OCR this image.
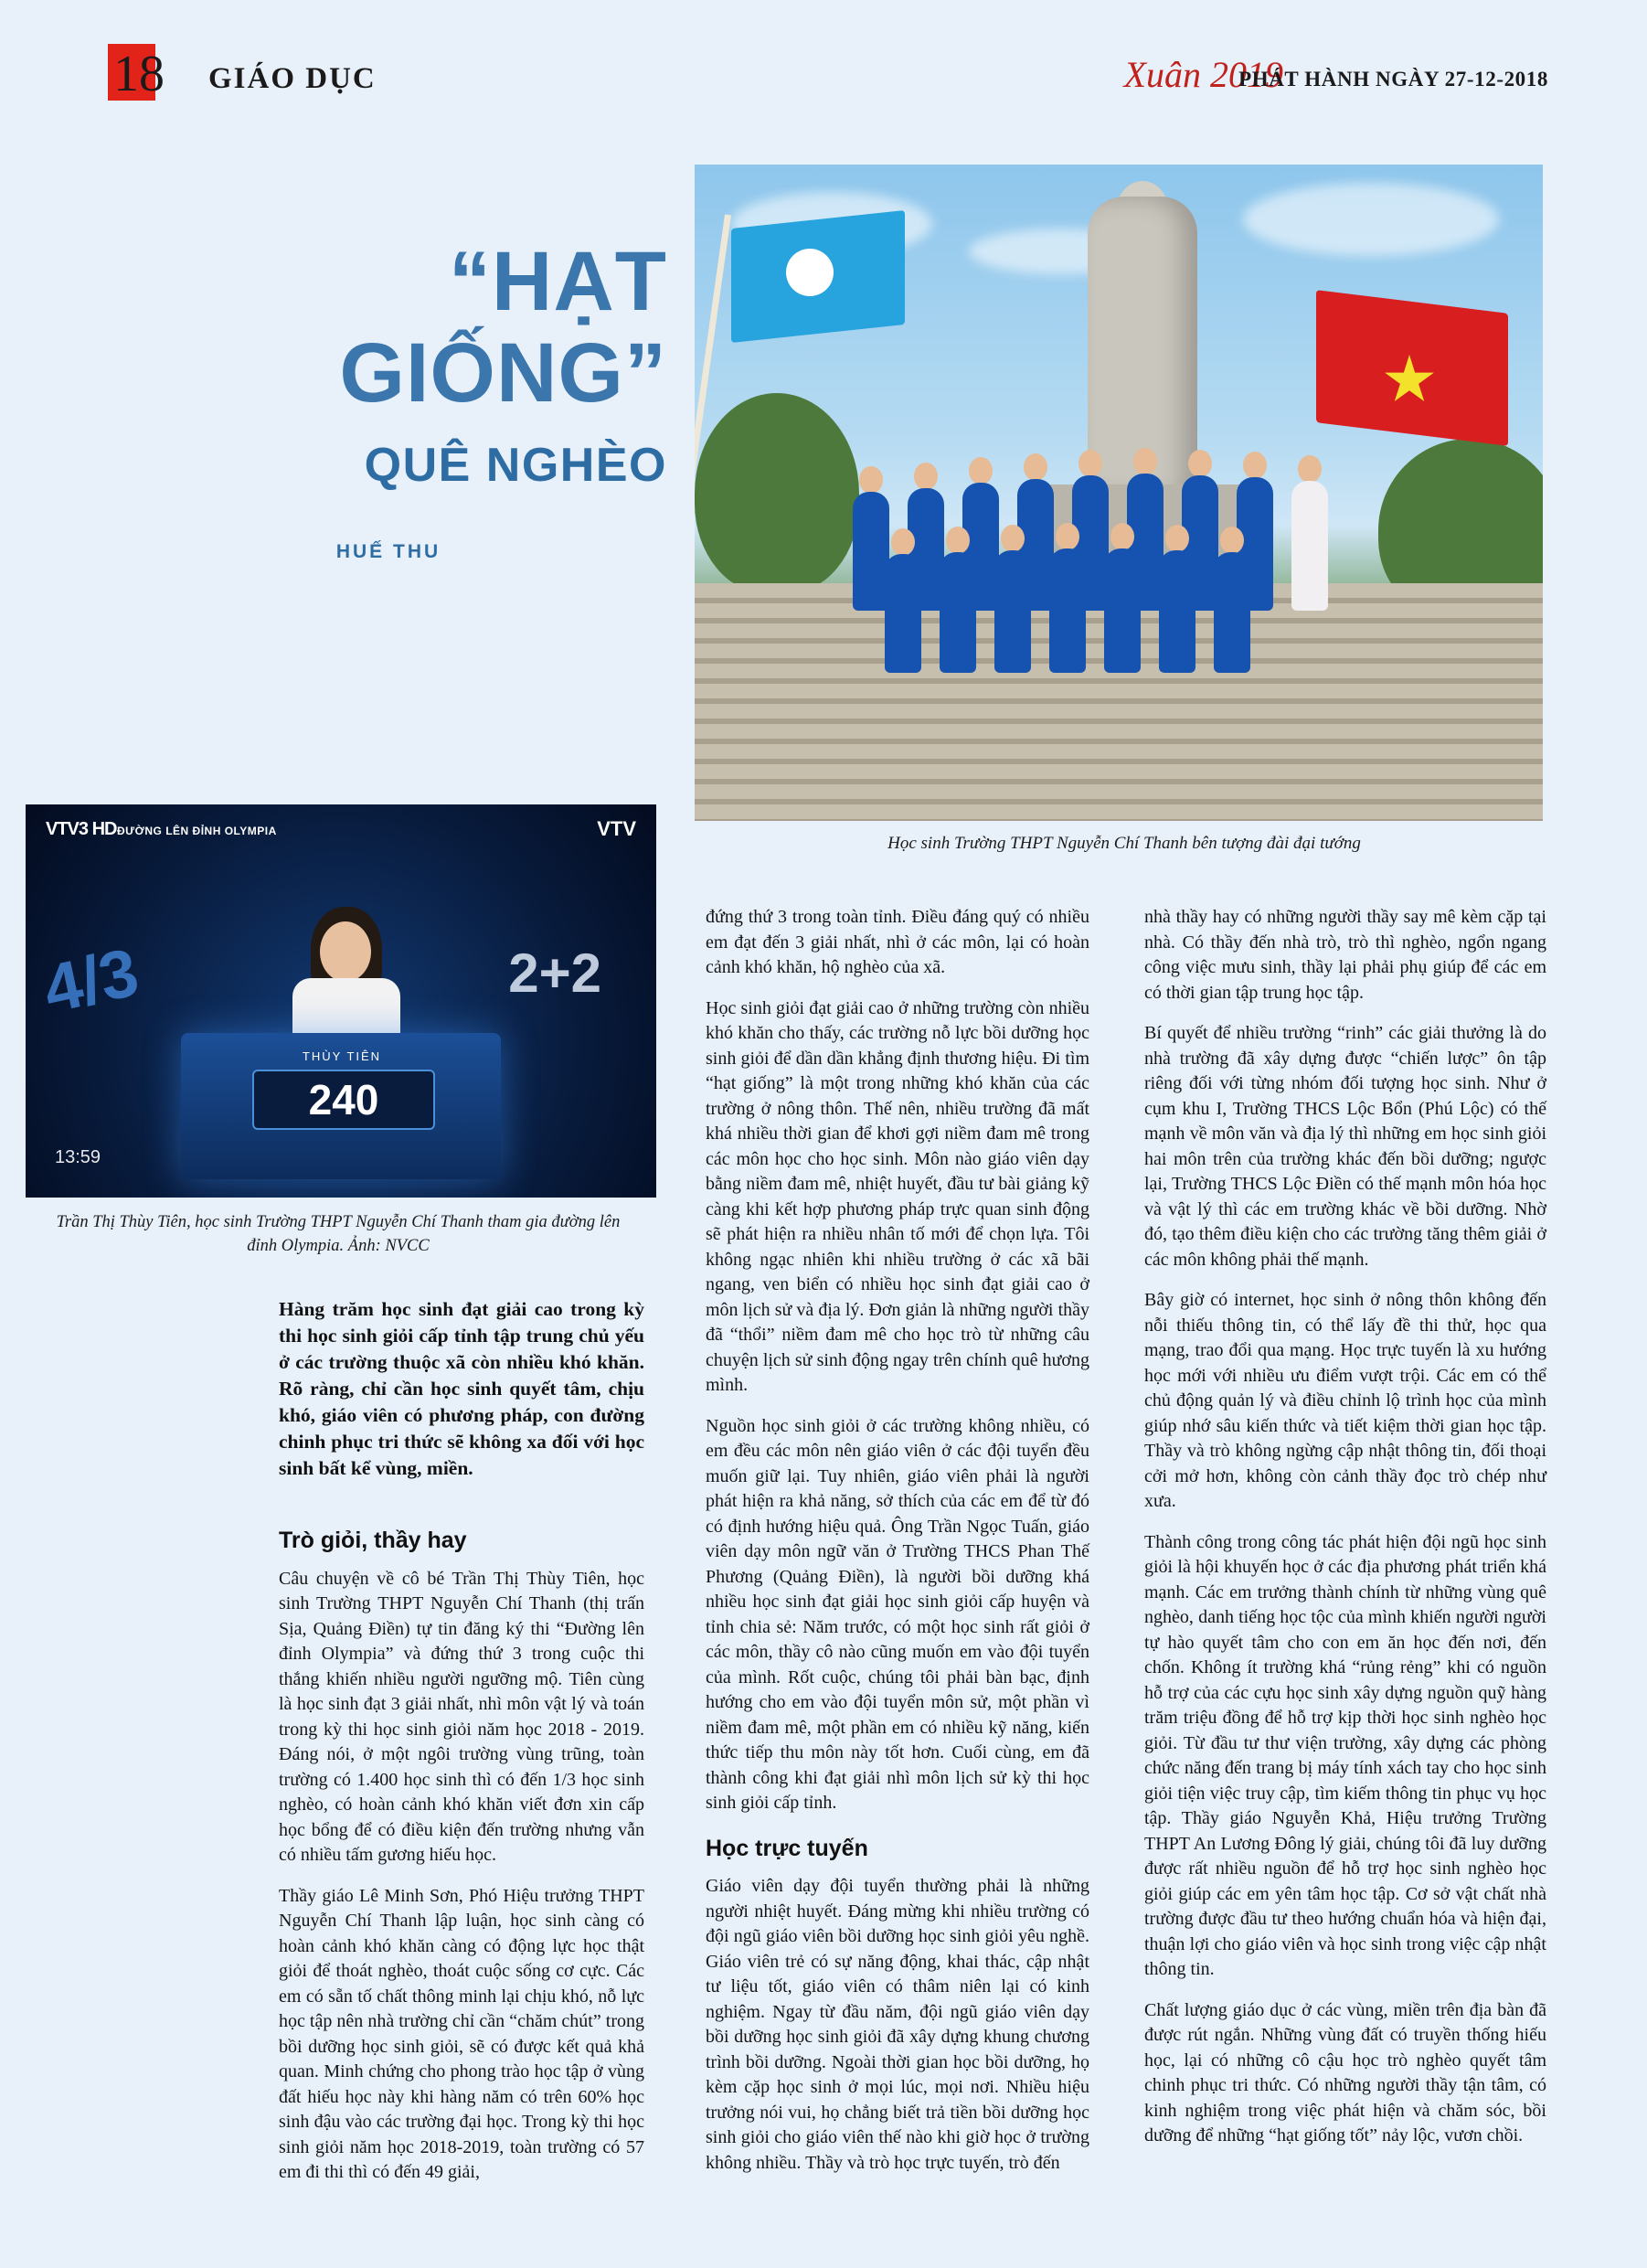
18	GIÁO DỤC	Xuân 2019
PHÁT HÀNH NGÀY 27-12-2018
“HẠT
GIỐNG”
QUÊ NGHÈO
HUẾ THU
Học sinh Trường THPT Nguyễn Chí Thanh bên tượng đài đại tướng
VTV3 HD ĐƯỜNG LÊN ĐỈNH OLYMPIA	VTV
4/3	2+2
THÙY TIÊN
240
13:59
Trần Thị Thùy Tiên, học sinh Trường THPT Nguyễn Chí Thanh tham gia đường lên đỉnh Olympia. Ảnh: NVCC
Hàng trăm học sinh đạt giải cao trong kỳ thi học sinh giỏi cấp tỉnh tập trung chủ yếu ở các trường thuộc xã còn nhiều khó khăn. Rõ ràng, chỉ cần học sinh quyết tâm, chịu khó, giáo viên có phương pháp, con đường chinh phục tri thức sẽ không xa đối với học sinh bất kể vùng, miền.
Trò giỏi, thầy hay

Câu chuyện về cô bé Trần Thị Thùy Tiên, học sinh Trường THPT Nguyễn Chí Thanh (thị trấn Sịa, Quảng Điền) tự tin đăng ký thi “Đường lên đỉnh Olympia” và đứng thứ 3 trong cuộc thi thắng khiến nhiều người ngưỡng mộ. Tiên cùng là học sinh đạt 3 giải nhất, nhì môn vật lý và toán trong kỳ thi học sinh giỏi năm học 2018 - 2019. Đáng nói, ở một ngôi trường vùng trũng, toàn trường có 1.400 học sinh thì có đến 1/3 học sinh nghèo, có hoàn cảnh khó khăn viết đơn xin cấp học bổng để có điều kiện đến trường nhưng vẫn có nhiều tấm gương hiếu học.

Thầy giáo Lê Minh Sơn, Phó Hiệu trưởng THPT Nguyễn Chí Thanh lập luận, học sinh càng có hoàn cảnh khó khăn càng có động lực học thật giỏi để thoát nghèo, thoát cuộc sống cơ cực. Các em có sẵn tố chất thông minh lại chịu khó, nỗ lực học tập nên nhà trường chỉ cần “chăm chút” trong bồi dưỡng học sinh giỏi, sẽ có được kết quả khả quan. Minh chứng cho phong trào học tập ở vùng đất hiếu học này khi hàng năm có trên 60% học sinh đậu vào các trường đại học. Trong kỳ thi học sinh giỏi năm học 2018-2019, toàn trường có 57 em đi thi thì có đến 49 giải,

đứng thứ 3 trong toàn tỉnh. Điều đáng quý có nhiều em đạt đến 3 giải nhất, nhì ở các môn, lại có hoàn cảnh khó khăn, hộ nghèo của xã.

Học sinh giỏi đạt giải cao ở những trường còn nhiều khó khăn cho thấy, các trường nỗ lực bồi dưỡng học sinh giỏi để dần dần khẳng định thương hiệu. Đi tìm “hạt giống” là một trong những khó khăn của các trường ở nông thôn. Thế nên, nhiều trường đã mất khá nhiều thời gian để khơi gợi niềm đam mê trong các môn học cho học sinh. Môn nào giáo viên dạy bằng niềm đam mê, nhiệt huyết, đầu tư bài giảng kỹ càng khi kết hợp phương pháp trực quan sinh động sẽ phát hiện ra nhiều nhân tố mới để chọn lựa. Tôi không ngạc nhiên khi nhiều trường ở các xã bãi ngang, ven biển có nhiều học sinh đạt giải cao ở môn lịch sử và địa lý. Đơn giản là những người thầy đã “thổi” niềm đam mê cho học trò từ những câu chuyện lịch sử sinh động ngay trên chính quê hương mình.

Nguồn học sinh giỏi ở các trường không nhiều, có em đều các môn nên giáo viên ở các đội tuyển đều muốn giữ lại. Tuy nhiên, giáo viên phải là người phát hiện ra khả năng, sở thích của các em để từ đó có định hướng hiệu quả. Ông Trần Ngọc Tuấn, giáo viên dạy môn ngữ văn ở Trường THCS Phan Thế Phương (Quảng Điền), là người bồi dưỡng khá nhiều học sinh đạt giải học sinh giỏi cấp huyện và tỉnh chia sẻ: Năm trước, có một học sinh rất giỏi ở các môn, thầy cô nào cũng muốn em vào đội tuyển của mình. Rốt cuộc, chúng tôi phải bàn bạc, định hướng cho em vào đội tuyển môn sử, một phần vì niềm đam mê, một phần em có nhiều kỹ năng, kiến thức tiếp thu môn này tốt hơn. Cuối cùng, em đã thành công khi đạt giải nhì môn lịch sử kỳ thi học sinh giỏi cấp tỉnh.

Học trực tuyến

Giáo viên dạy đội tuyển thường phải là những người nhiệt huyết. Đáng mừng khi nhiều trường có đội ngũ giáo viên bồi dưỡng học sinh giỏi yêu nghề. Giáo viên trẻ có sự năng động, khai thác, cập nhật tư liệu tốt, giáo viên có thâm niên lại có kinh nghiệm. Ngay từ đầu năm, đội ngũ giáo viên dạy bồi dưỡng học sinh giỏi đã xây dựng khung chương trình bồi dưỡng. Ngoài thời gian học bồi dưỡng, họ kèm cặp học sinh ở mọi lúc, mọi nơi. Nhiều hiệu trưởng nói vui, họ chẳng biết trả tiền bồi dưỡng học sinh giỏi cho giáo viên thế nào khi giờ học ở trường không nhiều. Thầy và trò học trực tuyến, trò đến

nhà thầy hay có những người thầy say mê kèm cặp tại nhà. Có thầy đến nhà trò, trò thì nghèo, ngổn ngang công việc mưu sinh, thầy lại phải phụ giúp để các em có thời gian tập trung học tập.

Bí quyết để nhiều trường “rinh” các giải thưởng là do nhà trường đã xây dựng được “chiến lược” ôn tập riêng đối với từng nhóm đối tượng học sinh. Như ở cụm khu I, Trường THCS Lộc Bổn (Phú Lộc) có thế mạnh về môn văn và địa lý thì những em học sinh giỏi hai môn trên của trường khác đến bồi dưỡng; ngược lại, Trường THCS Lộc Điền có thế mạnh môn hóa học và vật lý thì các em trường khác về bồi dưỡng. Nhờ đó, tạo thêm điều kiện cho các trường tăng thêm giải ở các môn không phải thế mạnh.

Bây giờ có internet, học sinh ở nông thôn không đến nỗi thiếu thông tin, có thể lấy đề thi thử, học qua mạng, trao đổi qua mạng. Học trực tuyến là xu hướng học mới với nhiều ưu điểm vượt trội. Các em có thể chủ động quản lý và điều chỉnh lộ trình học của mình giúp nhớ sâu kiến thức và tiết kiệm thời gian học tập. Thầy và trò không ngừng cập nhật thông tin, đối thoại cởi mở hơn, không còn cảnh thầy đọc trò chép như xưa.

Thành công trong công tác phát hiện đội ngũ học sinh giỏi là hội khuyến học ở các địa phương phát triển khá mạnh. Các em trưởng thành chính từ những vùng quê nghèo, danh tiếng học tộc của mình khiến người người tự hào quyết tâm cho con em ăn học đến nơi, đến chốn. Không ít trường khá “rủng rẻng” khi có nguồn hỗ trợ của các cựu học sinh xây dựng nguồn quỹ hàng trăm triệu đồng để hỗ trợ kịp thời học sinh nghèo học giỏi. Từ đầu tư thư viện trường, xây dựng các phòng chức năng đến trang bị máy tính xách tay cho học sinh giỏi tiện việc truy cập, tìm kiếm thông tin phục vụ học tập. Thầy giáo Nguyễn Khả, Hiệu trưởng Trường THPT An Lương Đông lý giải, chúng tôi đã luy dưỡng được rất nhiều nguồn để hỗ trợ học sinh nghèo học giỏi giúp các em yên tâm học tập. Cơ sở vật chất nhà trường được đầu tư theo hướng chuẩn hóa và hiện đại, thuận lợi cho giáo viên và học sinh trong việc cập nhật thông tin.

Chất lượng giáo dục ở các vùng, miền trên địa bàn đã được rút ngắn. Những vùng đất có truyền thống hiếu học, lại có những cô cậu học trò nghèo quyết tâm chinh phục tri thức. Có những người thầy tận tâm, có kinh nghiệm trong việc phát hiện và chăm sóc, bồi dưỡng để những “hạt giống tốt” nảy lộc, vươn chồi.
